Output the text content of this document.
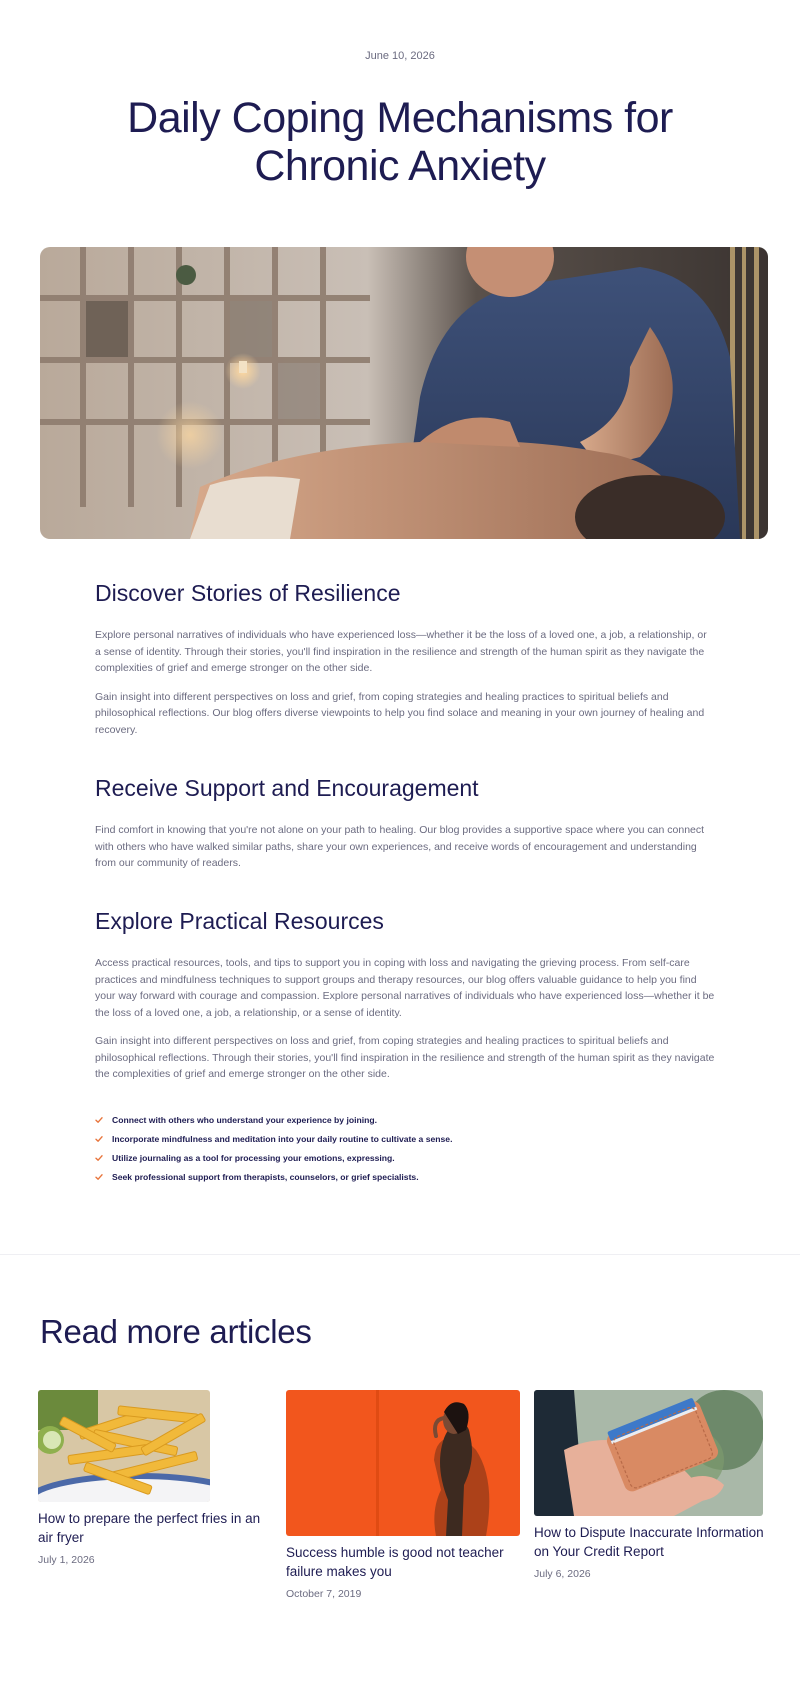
June 10, 2026
Daily Coping Mechanisms for Chronic Anxiety
Discover Stories of Resilience

Explore personal narratives of individuals who have experienced loss—whether it be the loss of a loved one, a job, a relationship, or a sense of identity. Through their stories, you'll find inspiration in the resilience and strength of the human spirit as they navigate the complexities of grief and emerge stronger on the other side.

Gain insight into different perspectives on loss and grief, from coping strategies and healing practices to spiritual beliefs and philosophical reflections. Our blog offers diverse viewpoints to help you find solace and meaning in your own journey of healing and recovery.

Receive Support and Encouragement

Find comfort in knowing that you're not alone on your path to healing. Our blog provides a supportive space where you can connect with others who have walked similar paths, share your own experiences, and receive words of encouragement and understanding from our community of readers.

Explore Practical Resources

Access practical resources, tools, and tips to support you in coping with loss and navigating the grieving process. From self-care practices and mindfulness techniques to support groups and therapy resources, our blog offers valuable guidance to help you find your way forward with courage and compassion. Explore personal narratives of individuals who have experienced loss—whether it be the loss of a loved one, a job, a relationship, or a sense of identity.

Gain insight into different perspectives on loss and grief, from coping strategies and healing practices to spiritual beliefs and philosophical reflections. Through their stories, you'll find inspiration in the resilience and strength of the human spirit as they navigate the complexities of grief and emerge stronger on the other side.

Connect with others who understand your experience by joining.
Incorporate mindfulness and meditation into your daily routine to cultivate a sense.
Utilize journaling as a tool for processing your emotions, expressing.
Seek professional support from therapists, counselors, or grief specialists.
Read more articles
How to prepare the perfect fries in an air fryer
July 1, 2026	Success humble is good not teacher failure makes you
October 7, 2019
How to Dispute Inaccurate Information on Your Credit Report
July 6, 2026
